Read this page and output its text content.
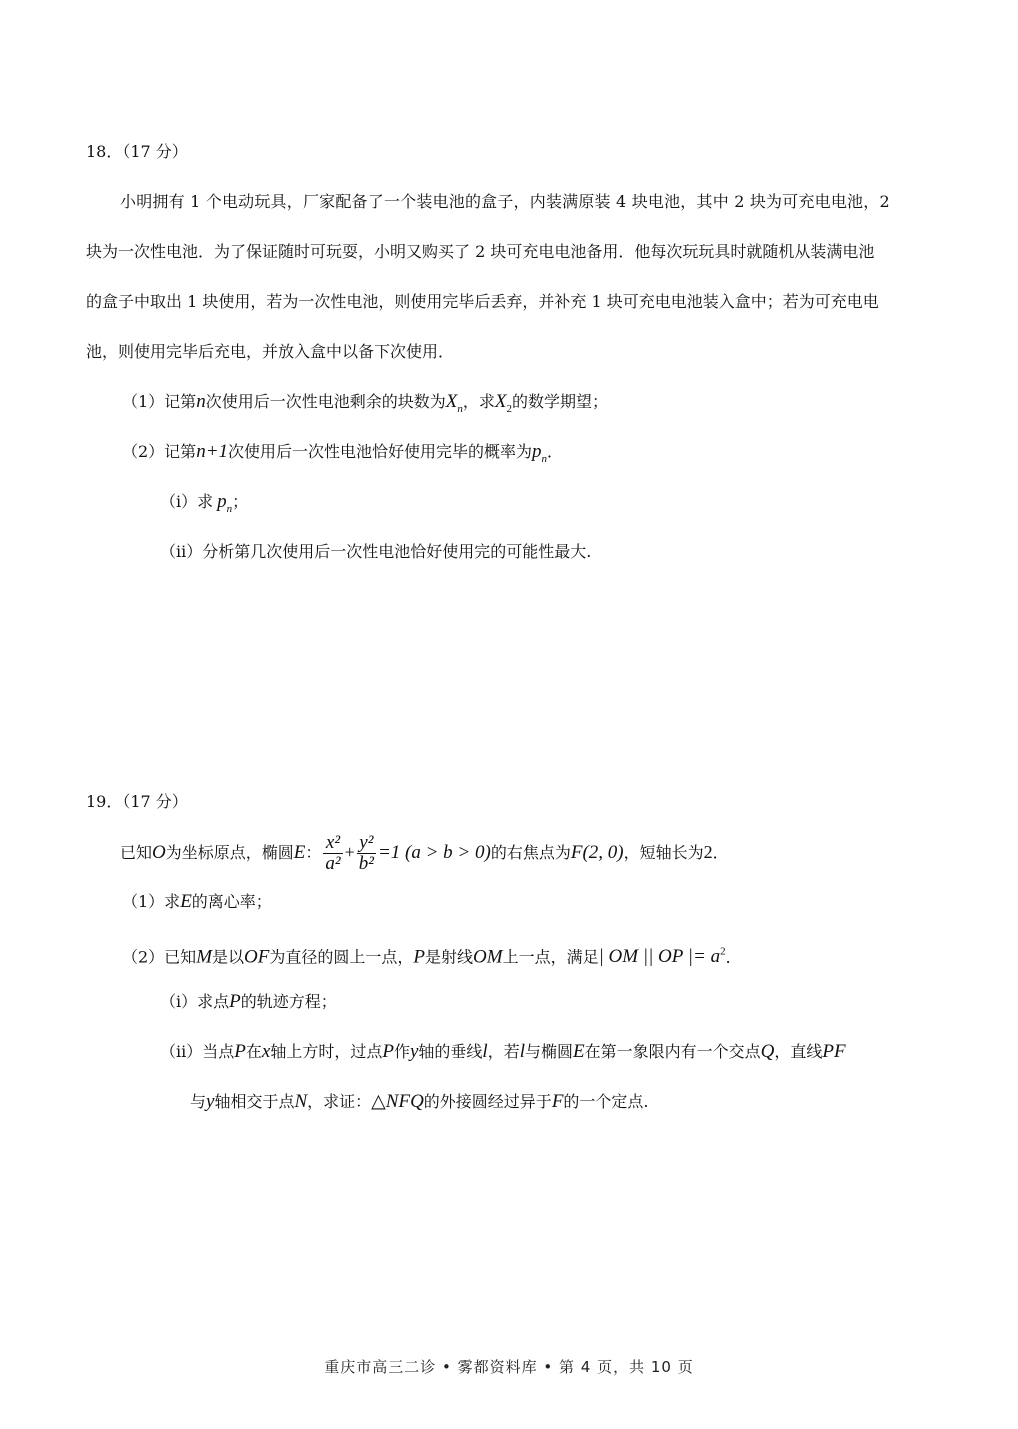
18．（17 分）
小明拥有 1 个电动玩具，厂家配备了一个装电池的盒子，内装满原装 4 块电池，其中 2 块为可充电电池，2
块为一次性电池．为了保证随时可玩耍，小明又购买了 2 块可充电电池备用．他每次玩玩具时就随机从装满电池
的盒子中取出 1 块使用，若为一次性电池，则使用完毕后丢弃，并补充 1 块可充电电池装入盒中；若为可充电电
池，则使用完毕后充电，并放入盒中以备下次使用．
（1）记第n次使用后一次性电池剩余的块数为$X_n$，求$X_2$的数学期望；
（2）记第n+1次使用后一次性电池恰好使用完毕的概率为$p_n$．
（i）求 $p_n$；
（ii）分析第几次使用后一次性电池恰好使用完的可能性最大.
19．（17 分）
已知O为坐标原点，椭圆E： $\frac{\text{x²}}{\text{a²}} + \frac{\text{y²}}{\text{b²}} =1$ (a > b > 0)的右焦点为F(2, 0)，短轴长为2．
（1）求E的离心率；
（2）已知M是以OF为直径的圆上一点，P是射线OM上一点，满足| OM || OP |= $a^2$．
（i）求点P的轨迹方程；
（ii）当点P在x轴上方时，过点P作y轴的垂线l，若l与椭圆E在第一象限内有一个交点Q，直线PF
与y轴相交于点N，求证：△NFQ的外接圆经过异于F的一个定点.
重庆市高三二诊 • 雾都资料库 • 第 4 页，共 10 页
